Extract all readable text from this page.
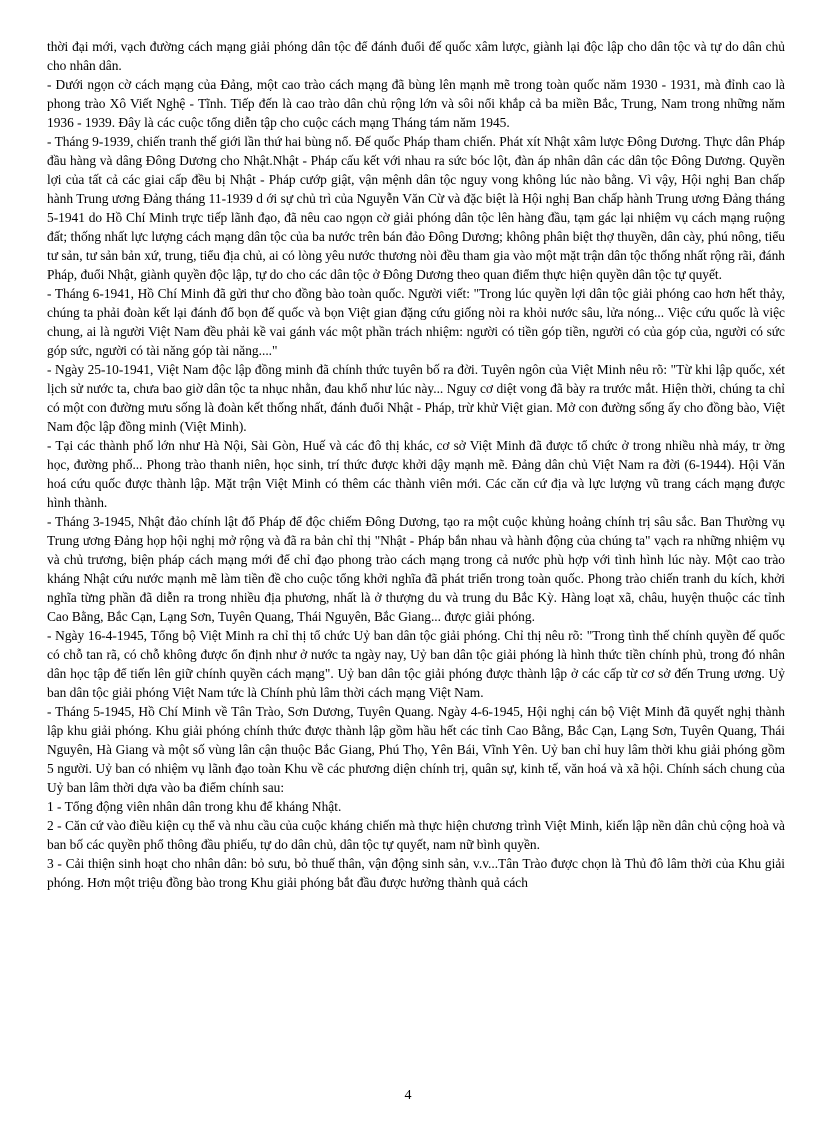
thời đại mới, vạch đường cách mạng giải phóng dân tộc để đánh đuổi đế quốc xâm lược, giành lại độc lập cho dân tộc và tự do dân chủ cho nhân dân.

- Dưới ngọn cờ cách mạng của Đảng, một cao trào cách mạng đã bùng lên mạnh mẽ trong toàn quốc năm 1930 - 1931, mà đỉnh cao là phong trào Xô Viết Nghệ - Tĩnh. Tiếp đến là cao trào dân chủ rộng lớn và sôi nổi khắp cả ba miền Bắc, Trung, Nam trong những năm 1936 - 1939. Đây là các cuộc tổng diễn tập cho cuộc cách mạng Tháng tám năm 1945.

- Tháng 9-1939, chiến tranh thế giới lần thứ hai bùng nổ. Đế quốc Pháp tham chiến. Phát xít Nhật xâm lược Đông Dương. Thực dân Pháp đầu hàng và dâng Đông Dương cho Nhật.Nhật - Pháp cấu kết với nhau ra sức bóc lột, đàn áp nhân dân các dân tộc Đông Dương. Quyền lợi của tất cả các giai cấp đều bị Nhật - Pháp cướp giật, vận mệnh dân tộc nguy vong không lúc nào bằng. Vì vậy, Hội nghị Ban chấp hành Trung ương Đảng tháng 11-1939 d ới sự chủ trì của Nguyễn Văn Cừ và đặc biệt là Hội nghị Ban chấp hành Trung ương Đảng tháng 5-1941 do Hồ Chí Minh trực tiếp lãnh đạo, đã nêu cao ngọn cờ giải phóng dân tộc lên hàng đầu, tạm gác lại nhiệm vụ cách mạng ruộng đất; thống nhất lực lượng cách mạng dân tộc của ba nước trên bán đảo Đông Dương; không phân biệt thợ thuyền, dân cày, phú nông, tiểu tư sản, tư sản bản xứ, trung, tiểu địa chủ, ai có lòng yêu nước thương nòi đều tham gia vào một mặt trận dân tộc thống nhất rộng rãi, đánh Pháp, đuổi Nhật, giành quyền độc lập, tự do cho các dân tộc ở Đông Dương theo quan điểm thực hiện quyền dân tộc tự quyết.

- Tháng 6-1941, Hồ Chí Minh đã gửi thư cho đồng bào toàn quốc. Người viết: "Trong lúc quyền lợi dân tộc giải phóng cao hơn hết thảy, chúng ta phải đoàn kết lại đánh đổ bọn đế quốc và bọn Việt gian đặng cứu giống nòi ra khỏi nước sâu, lửa nóng... Việc cứu quốc là việc chung, ai là người Việt Nam đều phải kề vai gánh vác một phần trách nhiệm: người có tiền góp tiền, người có của góp của, người có sức góp sức, người có tài năng góp tài năng...."

- Ngày 25-10-1941, Việt Nam độc lập đồng minh đã chính thức tuyên bố ra đời. Tuyên ngôn của Việt Minh nêu rõ: "Từ khi lập quốc, xét lịch sử nước ta, chưa bao giờ dân tộc ta nhục nhằn, đau khổ như lúc này... Nguy cơ diệt vong đã bày ra trước mắt. Hiện thời, chúng ta chỉ có một con đường mưu sống là đoàn kết thống nhất, đánh đuổi Nhật - Pháp, trừ khử Việt gian. Mở con đường sống ấy cho đồng bào, Việt Nam độc lập đồng minh (Việt Minh).

- Tại các thành phố lớn như Hà Nội, Sài Gòn, Huế và các đô thị khác, cơ sở Việt Minh đã được tổ chức ở trong nhiều nhà máy, tr ờng học, đường phố... Phong trào thanh niên, học sinh, trí thức được khởi dậy mạnh mẽ. Đảng dân chủ Việt Nam ra đời (6-1944). Hội Văn hoá cứu quốc được thành lập. Mặt trận Việt Minh có thêm các thành viên mới. Các căn cứ địa và lực lượng vũ trang cách mạng được hình thành.

- Tháng 3-1945, Nhật đảo chính lật đổ Pháp để độc chiếm Đông Dương, tạo ra một cuộc khủng hoảng chính trị sâu sắc. Ban Thường vụ Trung ương Đảng họp hội nghị mở rộng và đã ra bản chỉ thị "Nhật - Pháp bắn nhau và hành động của chúng ta" vạch ra những nhiệm vụ và chủ trương, biện pháp cách mạng mới để chỉ đạo phong trào cách mạng trong cả nước phù hợp với tình hình lúc này. Một cao trào kháng Nhật cứu nước mạnh mẽ làm tiền đề cho cuộc tổng khởi nghĩa đã phát triển trong toàn quốc. Phong trào chiến tranh du kích, khởi nghĩa từng phần đã diễn ra trong nhiều địa phương, nhất là ở thượng du và trung du Bắc Kỳ. Hàng loạt xã, châu, huyện thuộc các tỉnh Cao Bằng, Bắc Cạn, Lạng Sơn, Tuyên Quang, Thái Nguyên, Bắc Giang... được giải phóng.

- Ngày 16-4-1945, Tổng bộ Việt Minh ra chỉ thị tổ chức Uỷ ban dân tộc giải phóng. Chỉ thị nêu rõ: "Trong tình thế chính quyền đế quốc có chỗ tan rã, có chỗ không được ổn định như ở nước ta ngày nay, Uỷ ban dân tộc giải phóng là hình thức tiền chính phủ, trong đó nhân dân học tập để tiến lên giữ chính quyền cách mạng". Uỷ ban dân tộc giải phóng được thành lập ở các cấp từ cơ sở đến Trung ương. Uỷ ban dân tộc giải phóng Việt Nam tức là Chính phủ lâm thời cách mạng Việt Nam.

- Tháng 5-1945, Hồ Chí Minh về Tân Trào, Sơn Dương, Tuyên Quang. Ngày 4-6-1945, Hội nghị cán bộ Việt Minh đã quyết nghị thành lập khu giải phóng. Khu giải phóng chính thức được thành lập gồm hầu hết các tỉnh Cao Bằng, Bắc Cạn, Lạng Sơn, Tuyên Quang, Thái Nguyên, Hà Giang và một số vùng lân cận thuộc Bắc Giang, Phú Thọ, Yên Bái, Vĩnh Yên. Uỷ ban chỉ huy lâm thời khu giải phóng gồm 5 người. Uỷ ban có nhiệm vụ lãnh đạo toàn Khu về các phương diện chính trị, quân sự, kinh tế, văn hoá và xã hội. Chính sách chung của Uỷ ban lâm thời dựa vào ba điểm chính sau:

1 - Tổng động viên nhân dân trong khu để kháng Nhật.

2 - Căn cứ vào điều kiện cụ thể và nhu cầu của cuộc kháng chiến mà thực hiện chương trình Việt Minh, kiến lập nền dân chủ cộng hoà và ban bố các quyền phổ thông đầu phiếu, tự do dân chủ, dân tộc tự quyết, nam nữ bình quyền.

3 - Cải thiện sinh hoạt cho nhân dân: bỏ sưu, bỏ thuế thân, vận động sinh sản, v.v...Tân Trào được chọn là Thủ đô lâm thời của Khu giải phóng. Hơn một triệu đồng bào trong Khu giải phóng bắt đầu được hưởng thành quả cách

4
